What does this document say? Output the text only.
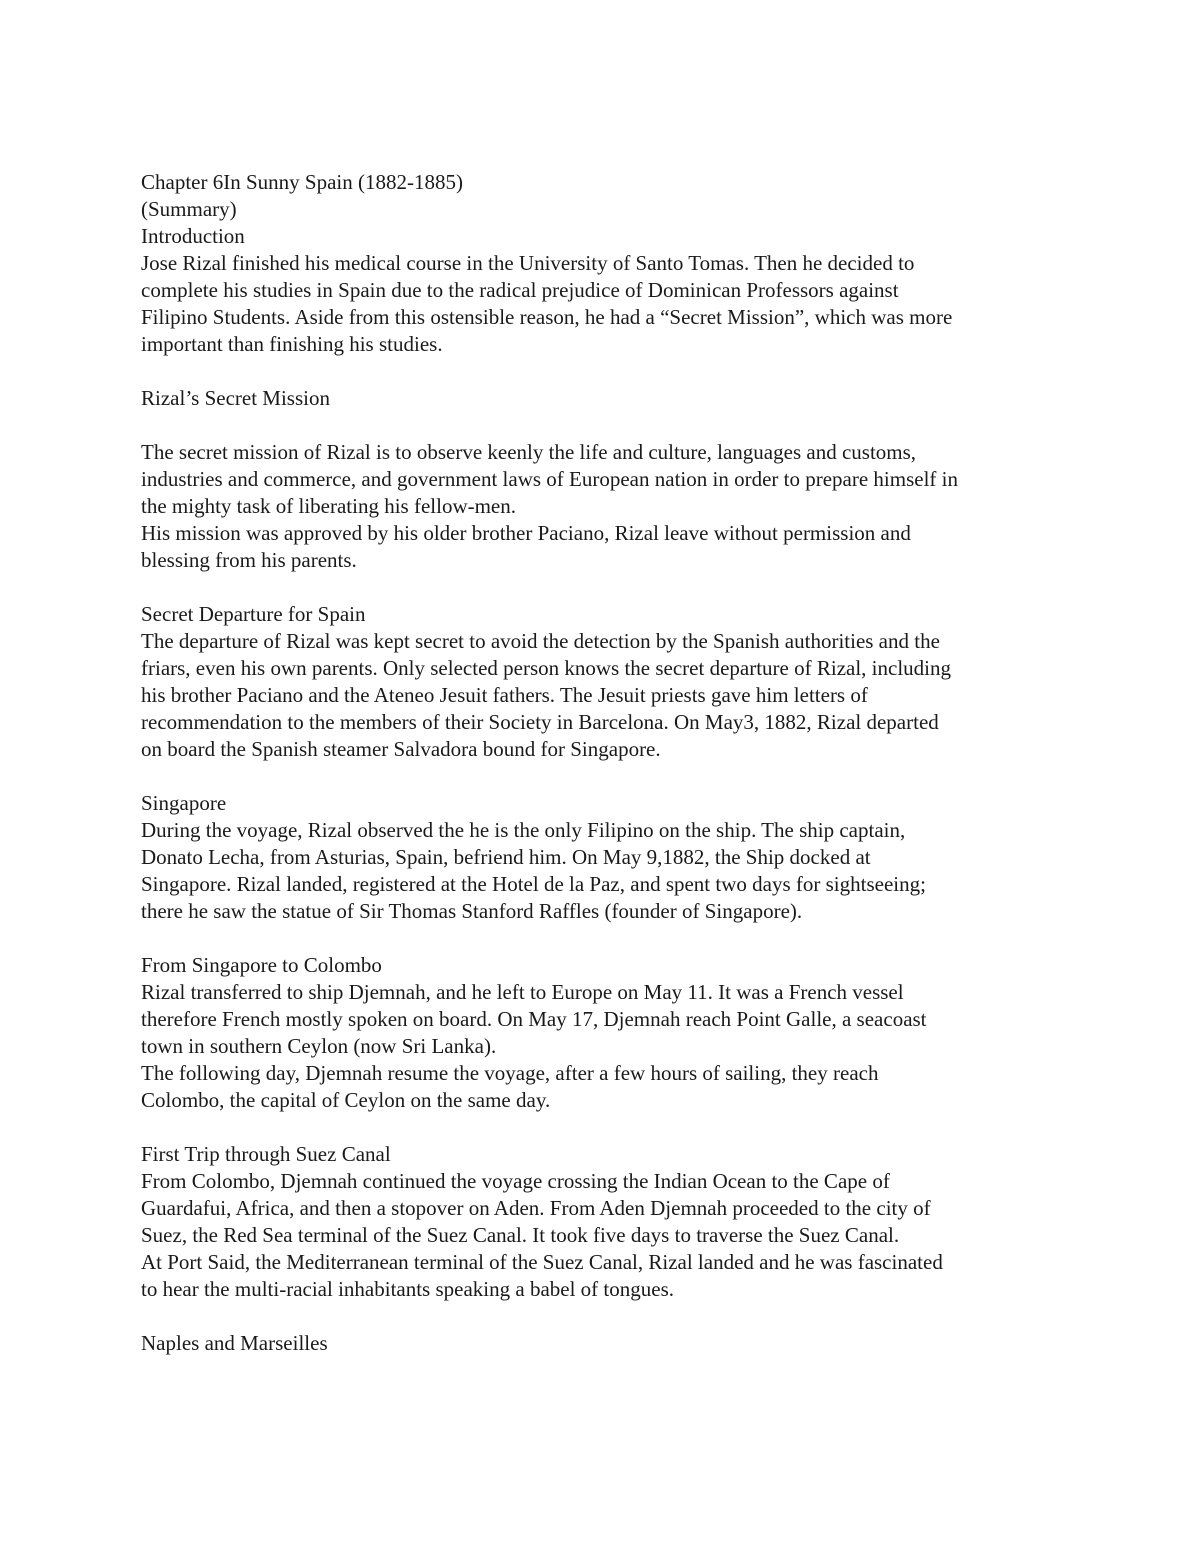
Chapter 6In Sunny Spain (1882-1885)
(Summary)
Introduction
Jose Rizal finished his medical course in the University of Santo Tomas. Then he decided to
complete his studies in Spain due to the radical prejudice of Dominican Professors against
Filipino Students. Aside from this ostensible reason, he had a “Secret Mission”, which was more
important than finishing his studies.
Rizal’s Secret Mission
The secret mission of Rizal is to observe keenly the life and culture, languages and customs,
industries and commerce, and government laws of European nation in order to prepare himself in
the mighty task of liberating his fellow-men.
His mission was approved by his older brother Paciano, Rizal leave without permission and
blessing from his parents.
Secret Departure for Spain
The departure of Rizal was kept secret to avoid the detection by the Spanish authorities and the
friars, even his own parents. Only selected person knows the secret departure of Rizal, including
his brother Paciano and the Ateneo Jesuit fathers. The Jesuit priests gave him letters of
recommendation to the members of their Society in Barcelona. On May3, 1882, Rizal departed
on board the Spanish steamer Salvadora bound for Singapore.
Singapore
During the voyage, Rizal observed the he is the only Filipino on the ship. The ship captain,
Donato Lecha, from Asturias, Spain, befriend him. On May 9,1882, the Ship docked at
Singapore. Rizal landed, registered at the Hotel de la Paz, and spent two days for sightseeing;
there he saw the statue of Sir Thomas Stanford Raffles (founder of Singapore).
From Singapore to Colombo
Rizal transferred to ship Djemnah, and he left to Europe on May 11. It was a French vessel
therefore French mostly spoken on board. On May 17, Djemnah reach Point Galle, a seacoast
town in southern Ceylon (now Sri Lanka).
The following day, Djemnah resume the voyage, after a few hours of sailing, they reach
Colombo, the capital of Ceylon on the same day.
First Trip through Suez Canal
From Colombo, Djemnah continued the voyage crossing the Indian Ocean to the Cape of
Guardafui, Africa, and then a stopover on Aden. From Aden Djemnah proceeded to the city of
Suez, the Red Sea terminal of the Suez Canal. It took five days to traverse the Suez Canal.
At Port Said, the Mediterranean terminal of the Suez Canal, Rizal landed and he was fascinated
to hear the multi-racial inhabitants speaking a babel of tongues.
Naples and Marseilles
